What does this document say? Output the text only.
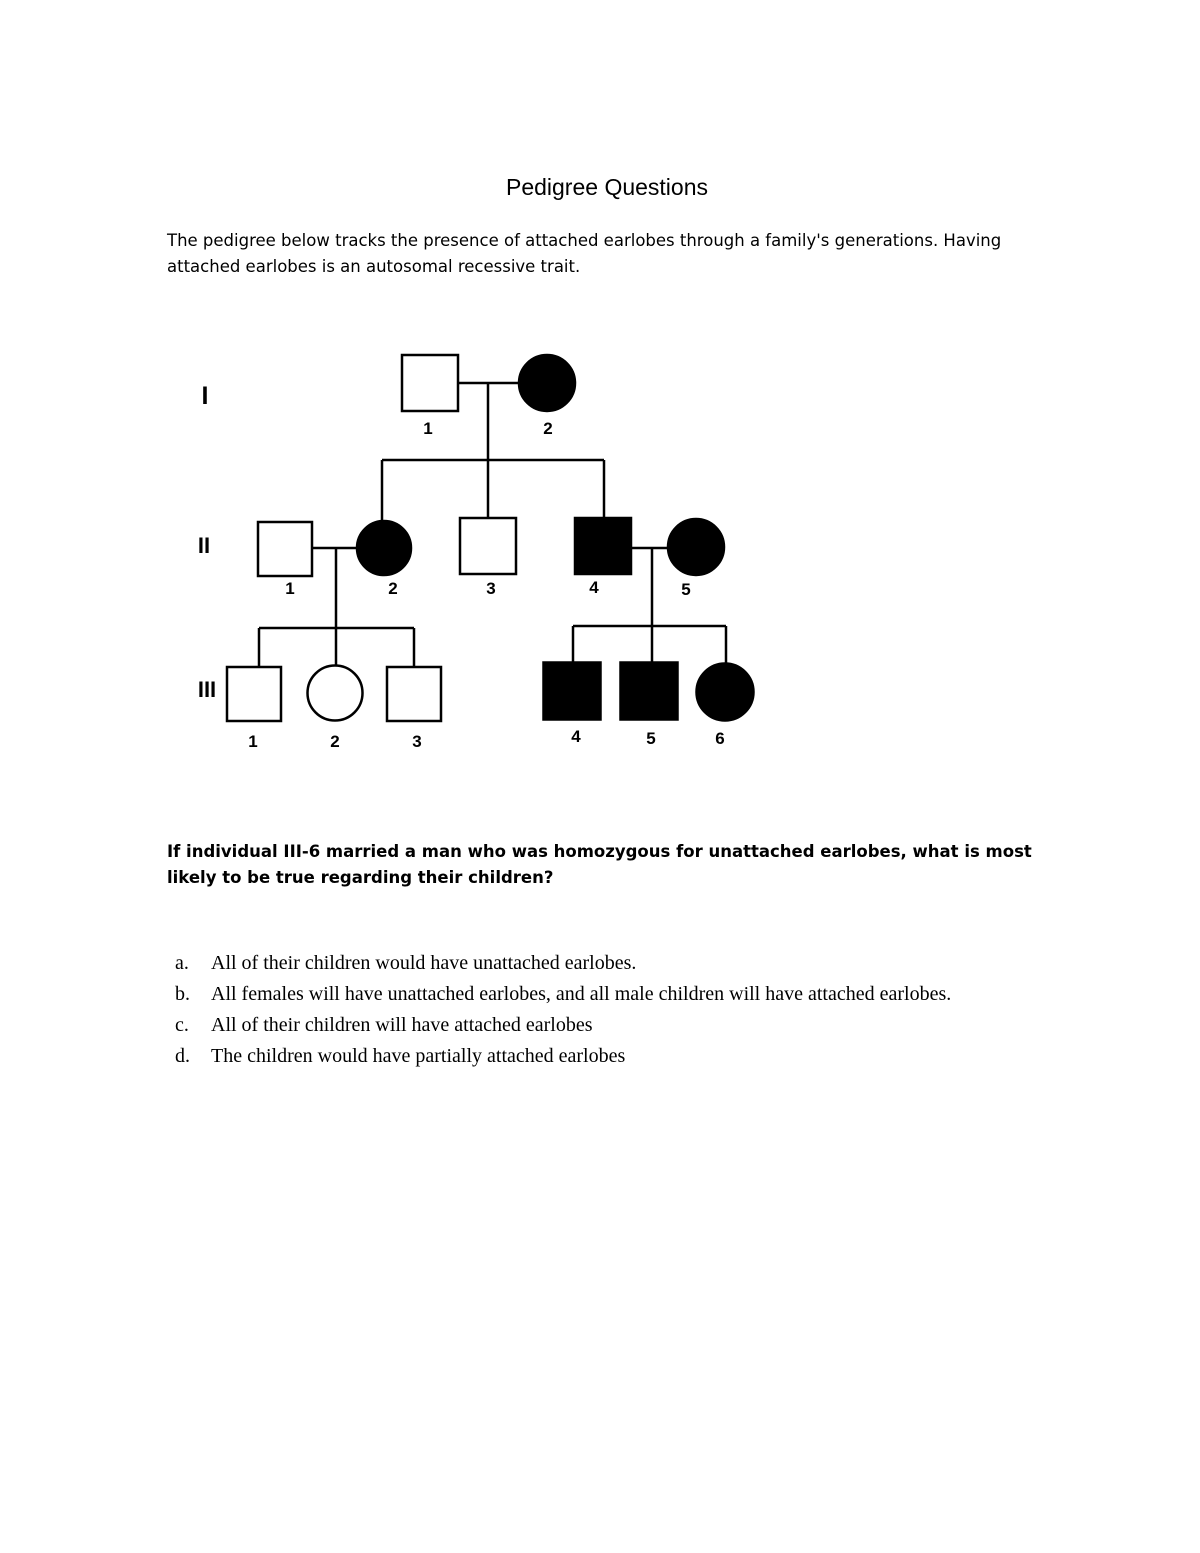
Pedigree Questions
The pedigree below tracks the presence of attached earlobes through a family's generations. Having attached earlobes is an autosomal recessive trait.
I
II
III
1	2
1	2	3	4	5
1	2	3	4	5	6
If individual III-6 married a man who was homozygous for unattached earlobes, what is most likely to be true regarding their children?
a. All of their children would have unattached earlobes.
b. All females will have unattached earlobes, and all male children will have attached earlobes.
c. All of their children will have attached earlobes
d. The children would have partially attached earlobes
